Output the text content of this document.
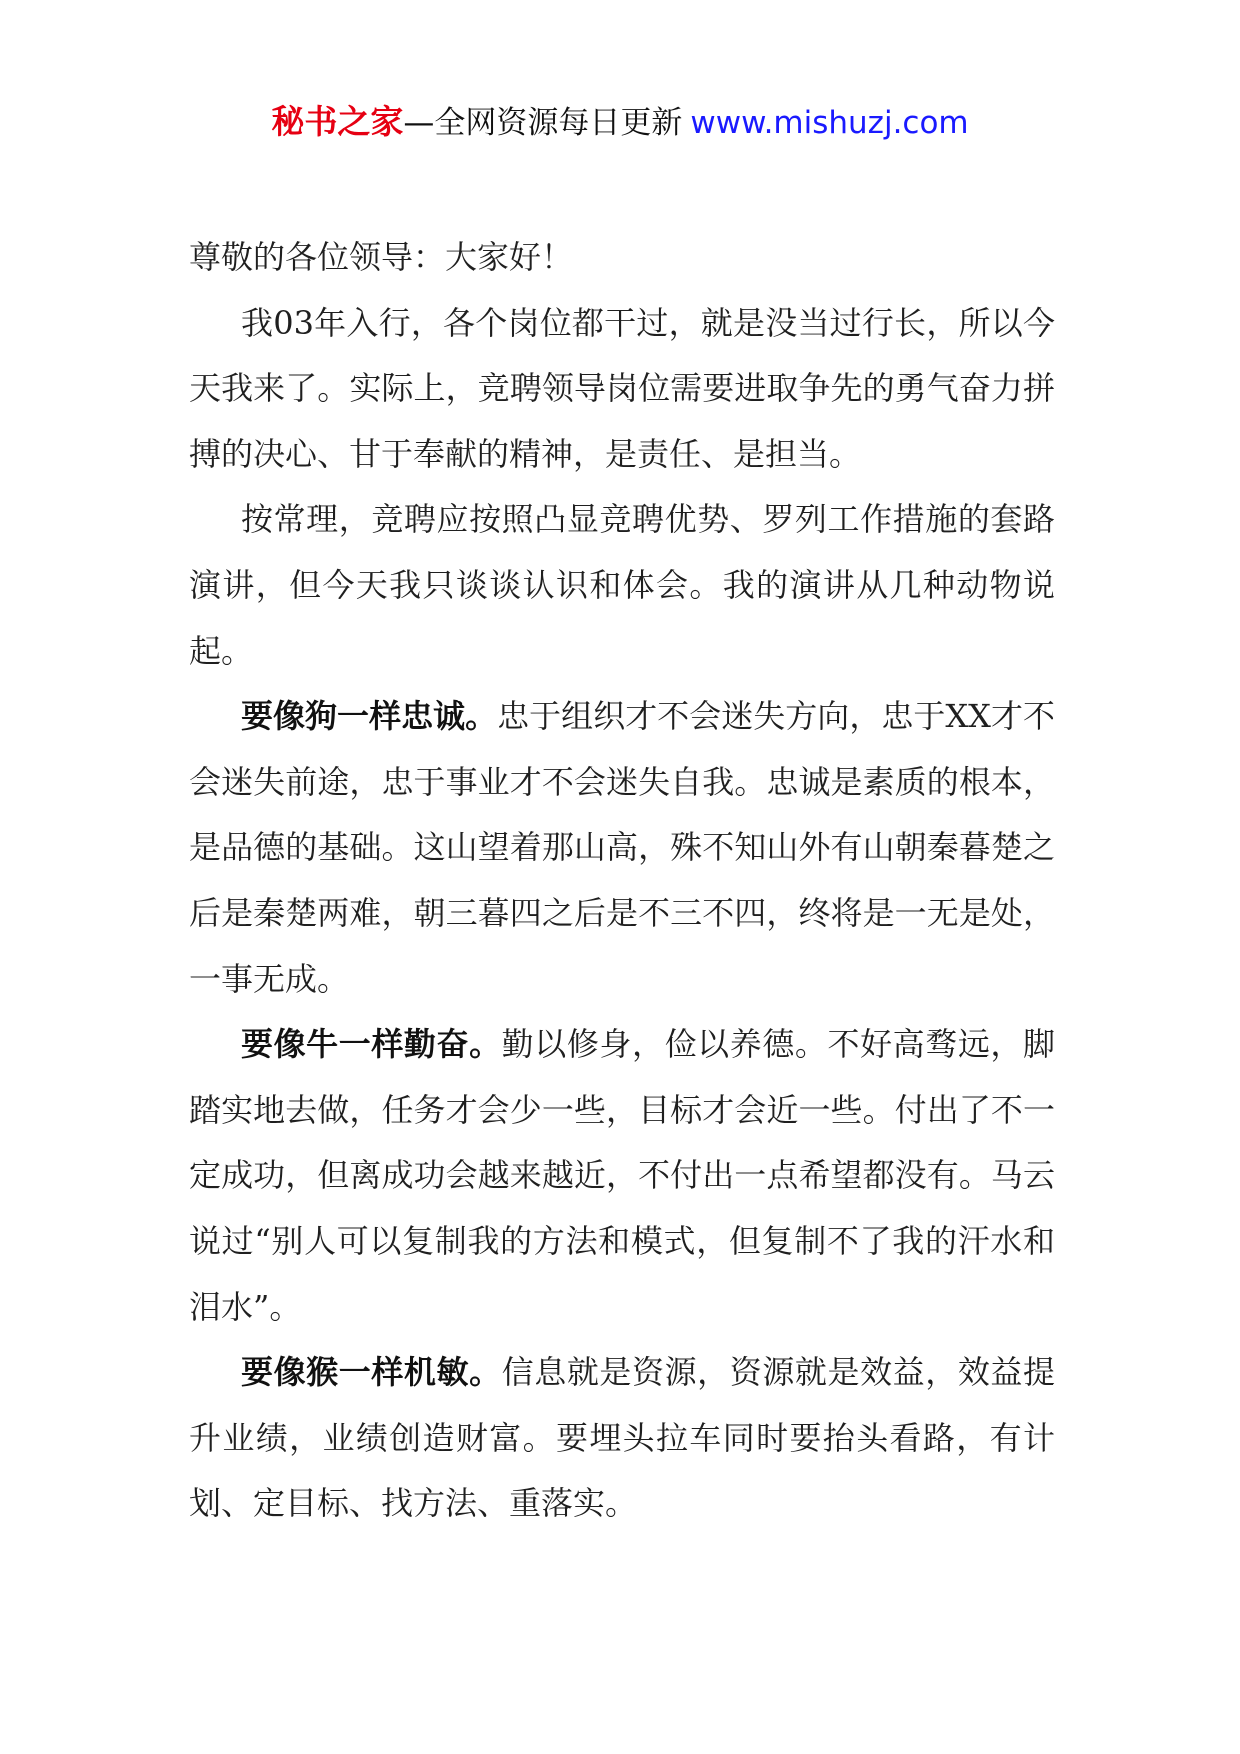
秘书之家—全网资源每日更新 www.mishuzj.com

尊敬的各位领导：大家好！

我03年入行，各个岗位都干过，就是没当过行长，所以今天我来了。实际上，竞聘领导岗位需要进取争先的勇气奋力拼搏的决心、甘于奉献的精神，是责任、是担当。

按常理，竞聘应按照凸显竞聘优势、罗列工作措施的套路演讲，但今天我只谈谈认识和体会。我的演讲从几种动物说起。

要像狗一样忠诚。忠于组织才不会迷失方向，忠于XX才不会迷失前途，忠于事业才不会迷失自我。忠诚是素质的根本，是品德的基础。这山望着那山高，殊不知山外有山朝秦暮楚之后是秦楚两难，朝三暮四之后是不三不四，终将是一无是处，一事无成。

要像牛一样勤奋。勤以修身，俭以养德。不好高骛远，脚踏实地去做，任务才会少一些，目标才会近一些。付出了不一定成功，但离成功会越来越近，不付出一点希望都没有。马云说过“别人可以复制我的方法和模式，但复制不了我的汗水和泪水”。

要像猴一样机敏。信息就是资源，资源就是效益，效益提升业绩，业绩创造财富。要埋头拉车同时要抬头看路，有计划、定目标、找方法、重落实。
